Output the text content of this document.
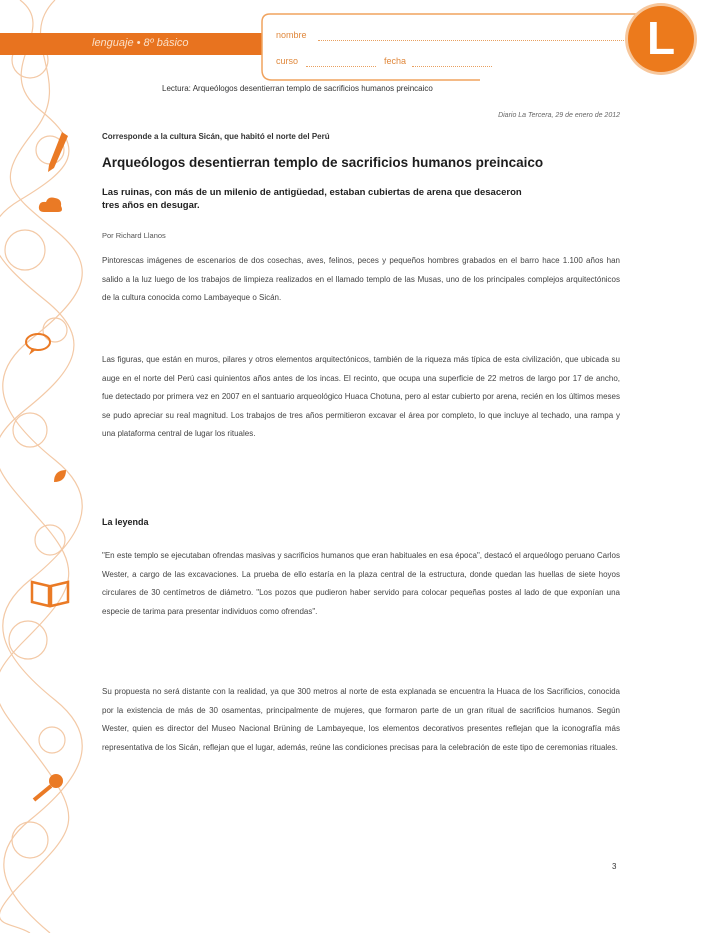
lenguaje • 8º básico
nombre
curso	fecha	L
Lectura: Arqueólogos desentierran templo de sacrificios humanos preincaico
Diario La Tercera, 29 de enero de 2012
Corresponde a la cultura Sicán, que habitó el norte del Perú
Arqueólogos desentierran templo de sacrificios humanos preincaico
Las ruinas, con más de un milenio de antigüedad, estaban cubiertas de arena que desaceron tres años en desugar.
Por Richard Llanos

Pintorescas imágenes de escenarios de dos cosechas, aves, felinos, peces y pequeños hombres grabados en el barro hace 1.100 años han salido a la luz luego de los trabajos de limpieza realizados en el llamado templo de las Musas, uno de los principales complejos arquitectónicos de la cultura conocida como Lambayeque o Sicán.

Las figuras, que están en muros, pilares y otros elementos arquitectónicos, también de la riqueza más típica de esta civilización, que ubicada su auge en el norte del Perú casi quinientos años antes de los incas. El recinto, que ocupa una superficie de 22 metros de largo por 17 de ancho, fue detectado por primera vez en 2007 en el santuario arqueológico Huaca Chotuna, pero al estar cubierto por arena, recién en los últimos meses se pudo apreciar su real magnitud. Los trabajos de tres años permitieron excavar el área por completo, lo que incluye al techado, una rampa y una plataforma central de lugar los rituales.

La leyenda

"En este templo se ejecutaban ofrendas masivas y sacrificios humanos que eran habituales en esa época", destacó el arqueólogo peruano Carlos Wester, a cargo de las excavaciones. La prueba de ello estaría en la plaza central de la estructura, donde quedan las huellas de siete hoyos circulares de 30 centímetros de diámetro. "Los pozos que pudieron haber servido para colocar pequeñas postes al lado de que exponían una especie de tarima para presentar individuos como ofrendas".

Su propuesta no será distante con la realidad, ya que 300 metros al norte de esta explanada se encuentra la Huaca de los Sacrificios, conocida por la existencia de más de 30 osamentas, principalmente de mujeres, que formaron parte de un gran ritual de sacrificios humanos. Según Wester, quien es director del Museo Nacional Brüning de Lambayeque, los elementos decorativos presentes reflejan que la iconografía más representativa de los Sicán, reflejan que el lugar, además, reúne las condiciones precisas para la celebración de este tipo de ceremonias rituales.

3
